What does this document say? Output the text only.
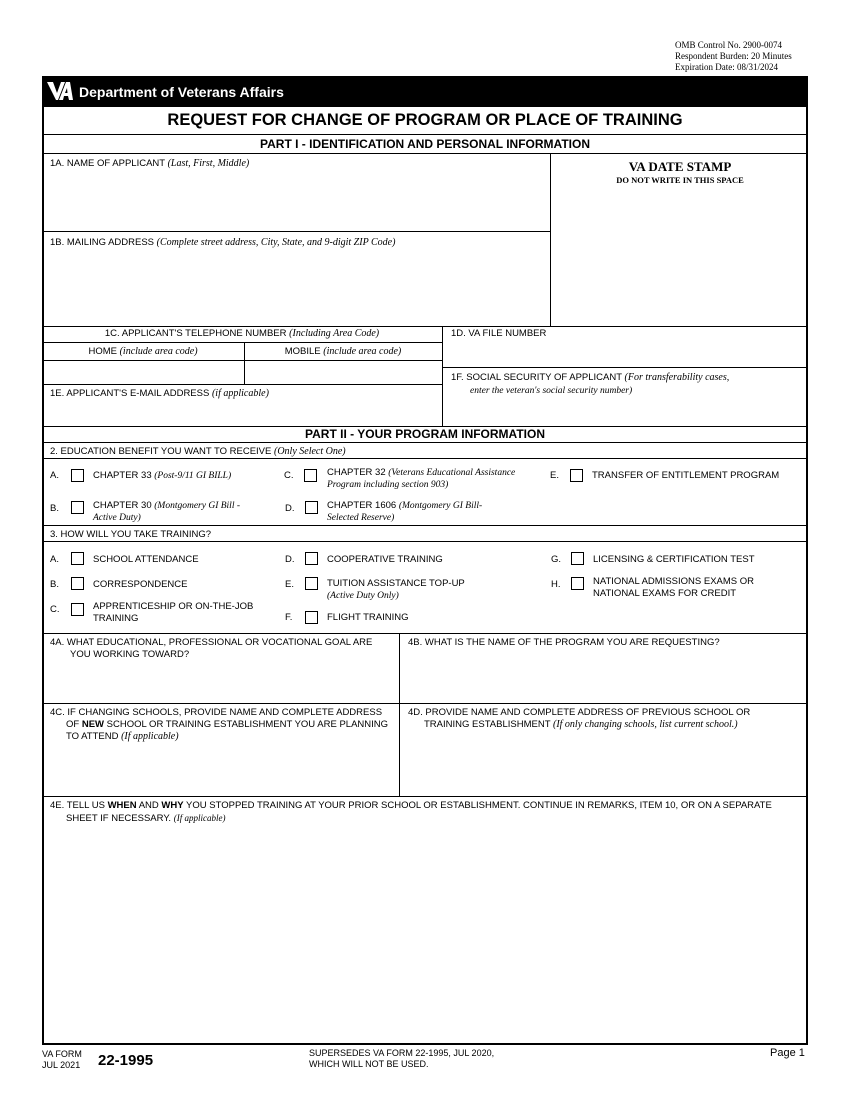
OMB Control No. 2900-0074
Respondent Burden: 20 Minutes
Expiration Date: 08/31/2024
Department of Veterans Affairs
REQUEST FOR CHANGE OF PROGRAM OR PLACE OF TRAINING
PART I - IDENTIFICATION AND PERSONAL INFORMATION
1A. NAME OF APPLICANT (Last, First, Middle)	VA DATE STAMP
DO NOT WRITE IN THIS SPACE
1B. MAILING ADDRESS (Complete street address, City, State, and 9-digit ZIP Code)
1C. APPLICANT'S TELEPHONE NUMBER (Including Area Code)	1D. VA FILE NUMBER
HOME (include area code)	MOBILE (include area code)
1E. APPLICANT'S E-MAIL ADDRESS (if applicable)
1F. SOCIAL SECURITY OF APPLICANT (For transferability cases,
enter the veteran's social security number)
PART II - YOUR PROGRAM INFORMATION
2. EDUCATION BENEFIT YOU WANT TO RECEIVE (Only Select One)
A.	CHAPTER 33 (Post-9/11 GI BILL)
B.	CHAPTER 30 (Montgomery GI Bill -
Active Duty)
C.	CHAPTER 32 (Veterans Educational Assistance
Program including section 903)
D.	CHAPTER 1606 (Montgomery GI Bill-
Selected Reserve)
E.	TRANSFER OF ENTITLEMENT PROGRAM
3. HOW WILL YOU TAKE TRAINING?
A.	SCHOOL ATTENDANCE
B.	CORRESPONDENCE
C.	APPRENTICESHIP OR ON-THE-JOB
TRAINING
D.	COOPERATIVE TRAINING
E.	TUITION ASSISTANCE TOP-UP
(Active Duty Only)
F.	FLIGHT TRAINING
G.	LICENSING & CERTIFICATION TEST
H.	NATIONAL ADMISSIONS EXAMS OR
NATIONAL EXAMS FOR CREDIT
4A. WHAT EDUCATIONAL, PROFESSIONAL OR VOCATIONAL GOAL ARE
YOU WORKING TOWARD?
4B. WHAT IS THE NAME OF THE PROGRAM YOU ARE REQUESTING?
4C. IF CHANGING SCHOOLS, PROVIDE NAME AND COMPLETE ADDRESS
OF NEW SCHOOL OR TRAINING ESTABLISHMENT YOU ARE PLANNING
TO ATTEND (If applicable)
4D. PROVIDE NAME AND COMPLETE ADDRESS OF PREVIOUS SCHOOL OR
TRAINING ESTABLISHMENT (If only changing schools, list current school.)
4E. TELL US WHEN AND WHY YOU STOPPED TRAINING AT YOUR PRIOR SCHOOL OR ESTABLISHMENT. CONTINUE IN REMARKS, ITEM 10, OR ON A SEPARATE
SHEET IF NECESSARY. (If applicable)
VA FORM
JUL 2021 22-1995	SUPERSEDES VA FORM 22-1995, JUL 2020,
WHICH WILL NOT BE USED.
Page 1
